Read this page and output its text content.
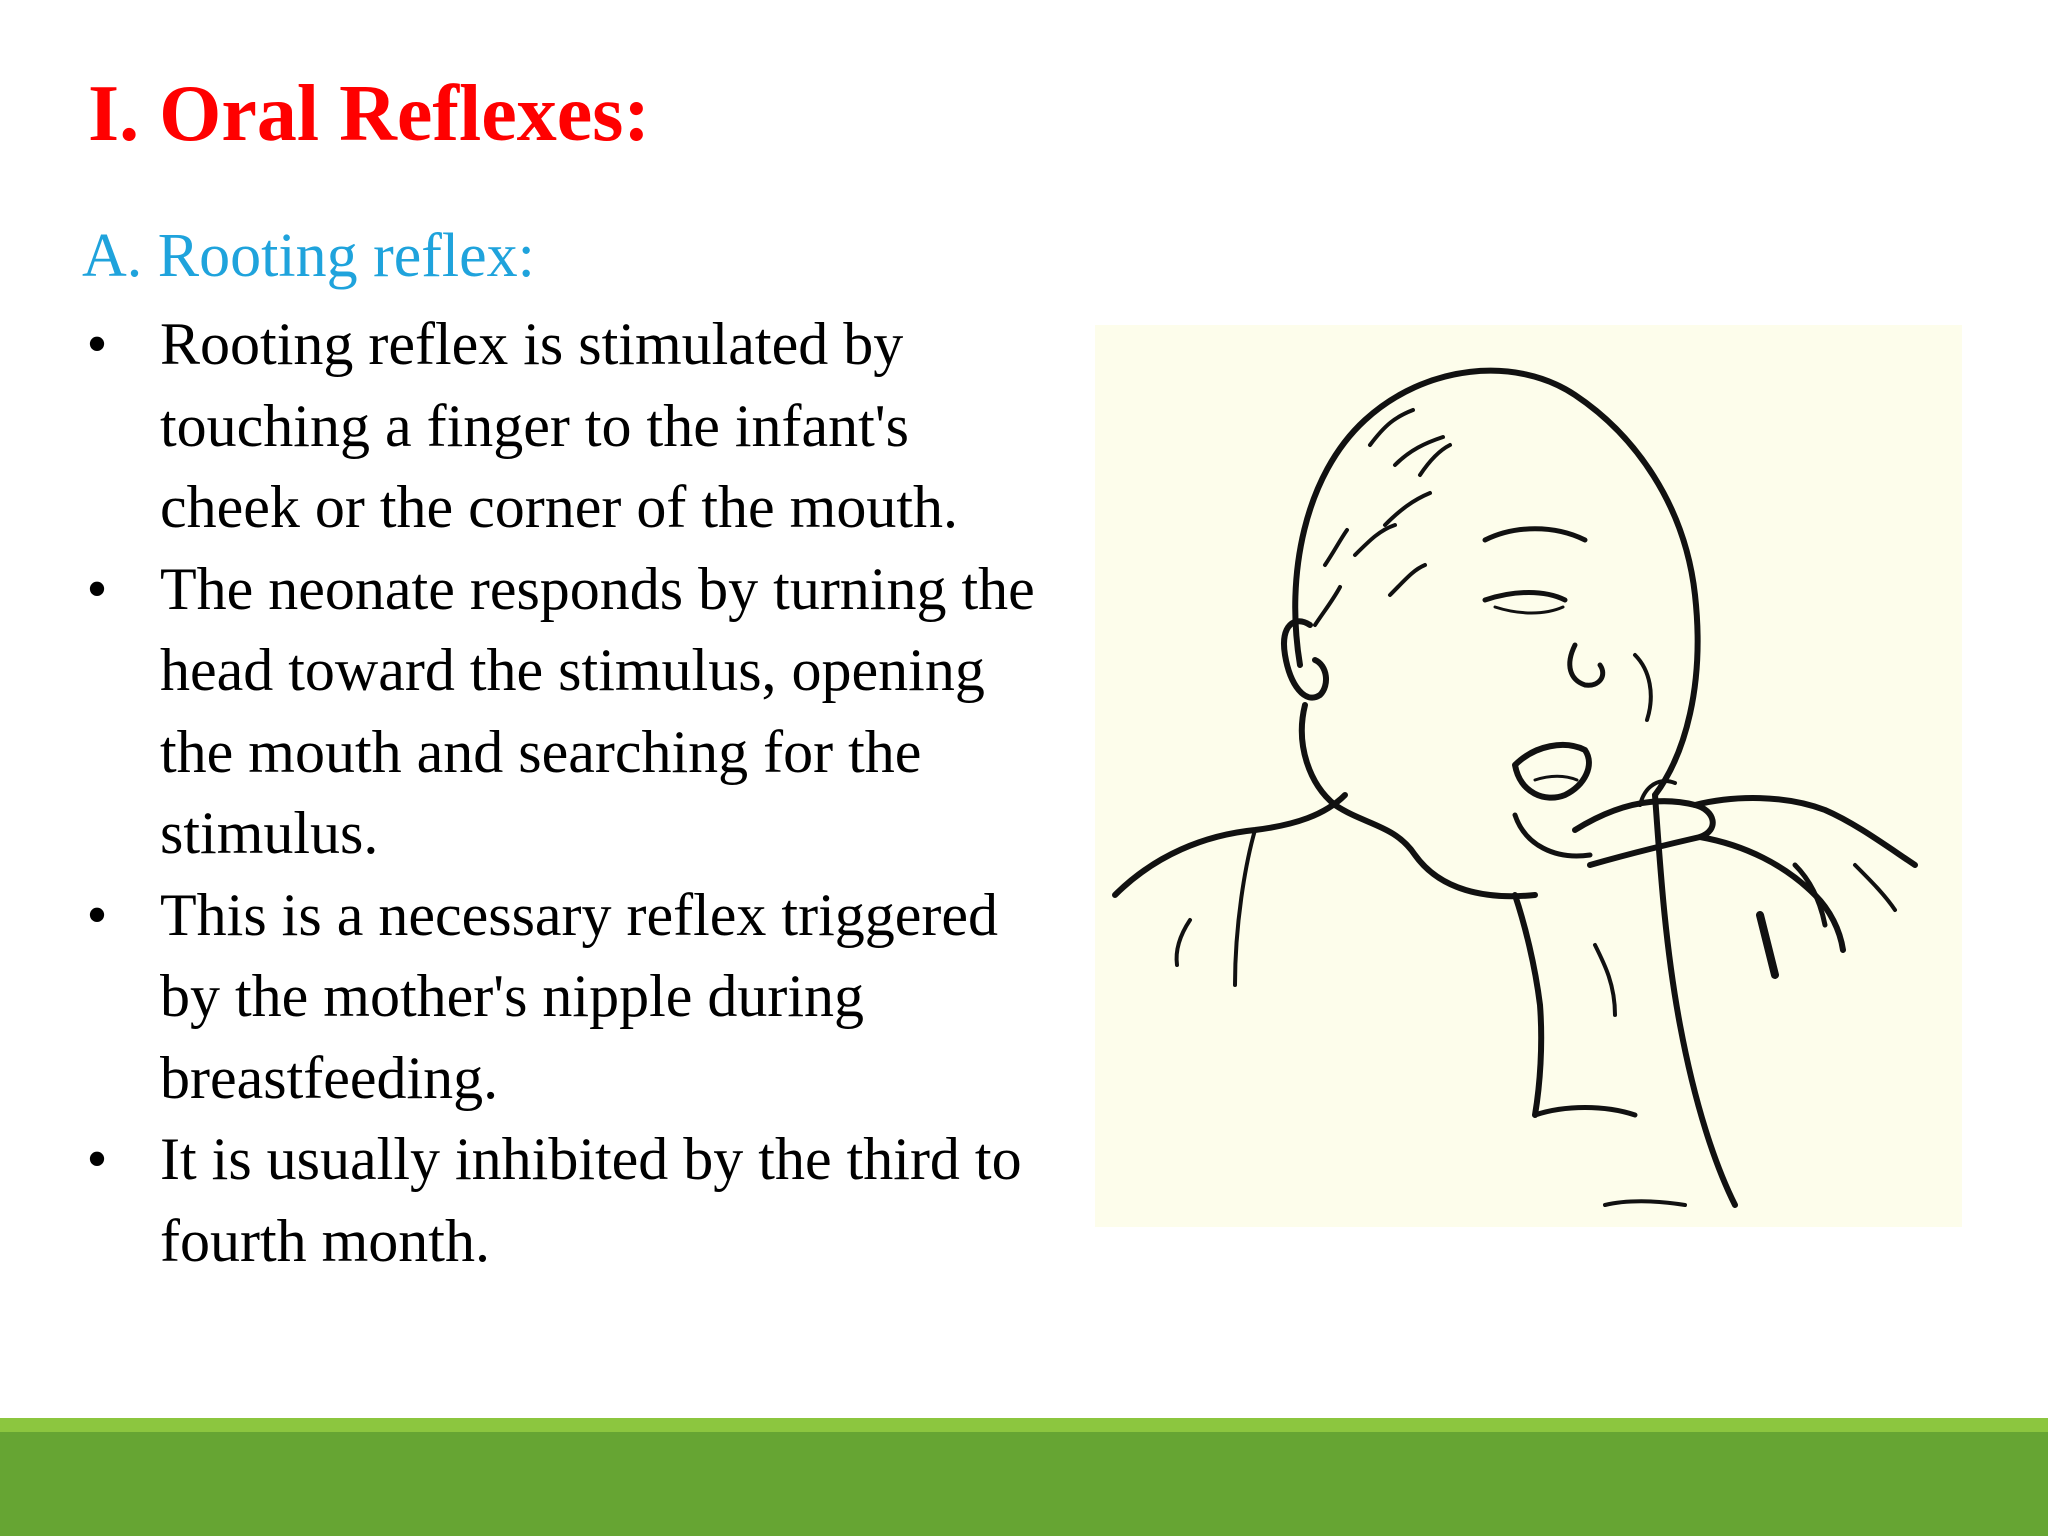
I. Oral Reflexes:
A. Rooting reflex:
• Rooting reflex is stimulated by touching a finger to the infant's cheek or the corner of the mouth.
• The neonate responds by turning the head toward the stimulus, opening the mouth and searching for the stimulus.
• This is a necessary reflex triggered by the mother's nipple during breastfeeding.
• It is usually inhibited by the third to fourth month.
